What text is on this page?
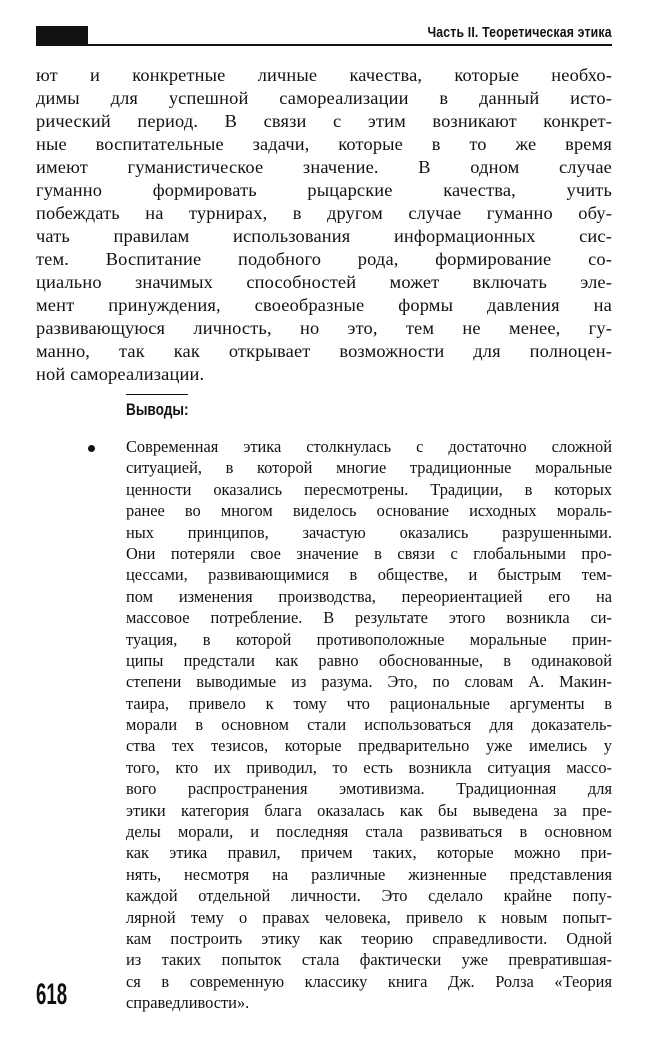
Часть II. Теоретическая этика
ют и конкретные личные качества, которые необхо-
димы для успешной самореализации в данный исто-
рический период. В связи с этим возникают конкрет-
ные воспитательные задачи, которые в то же время
имеют гуманистическое значение. В одном случае
гуманно формировать рыцарские качества, учить
побеждать на турнирах, в другом случае гуманно обу-
чать правилам использования информационных сис-
тем. Воспитание подобного рода, формирование со-
циально значимых способностей может включать эле-
мент принуждения, своеобразные формы давления на
развивающуюся личность, но это, тем не менее, гу-
манно, так как открывает возможности для полноцен-
ной самореализации.
Выводы:
Современная этика столкнулась с достаточно сложной
ситуацией, в которой многие традиционные моральные
ценности оказались пересмотрены. Традиции, в которых
ранее во многом виделось основание исходных мораль-
ных принципов, зачастую оказались разрушенными.
Они потеряли свое значение в связи с глобальными про-
цессами, развивающимися в обществе, и быстрым тем-
пом изменения производства, переориентацией его на
массовое потребление. В результате этого возникла си-
туация, в которой противоположные моральные прин-
ципы предстали как равно обоснованные, в одинаковой
степени выводимые из разума. Это, по словам А. Макин-
таира, привело к тому что рациональные аргументы в
морали в основном стали использоваться для доказатель-
ства тех тезисов, которые предварительно уже имелись у
того, кто их приводил, то есть возникла ситуация массо-
вого распространения эмотивизма. Традиционная для
этики категория блага оказалась как бы выведена за пре-
делы морали, и последняя стала развиваться в основном
как этика правил, причем таких, которые можно при-
нять, несмотря на различные жизненные представления
каждой отдельной личности. Это сделало крайне попу-
лярной тему о правах человека, привело к новым попыт-
кам построить этику как теорию справедливости. Одной
из таких попыток стала фактически уже превратившая-
ся в современную классику книга Дж. Ролза «Теория
справедливости».
618
